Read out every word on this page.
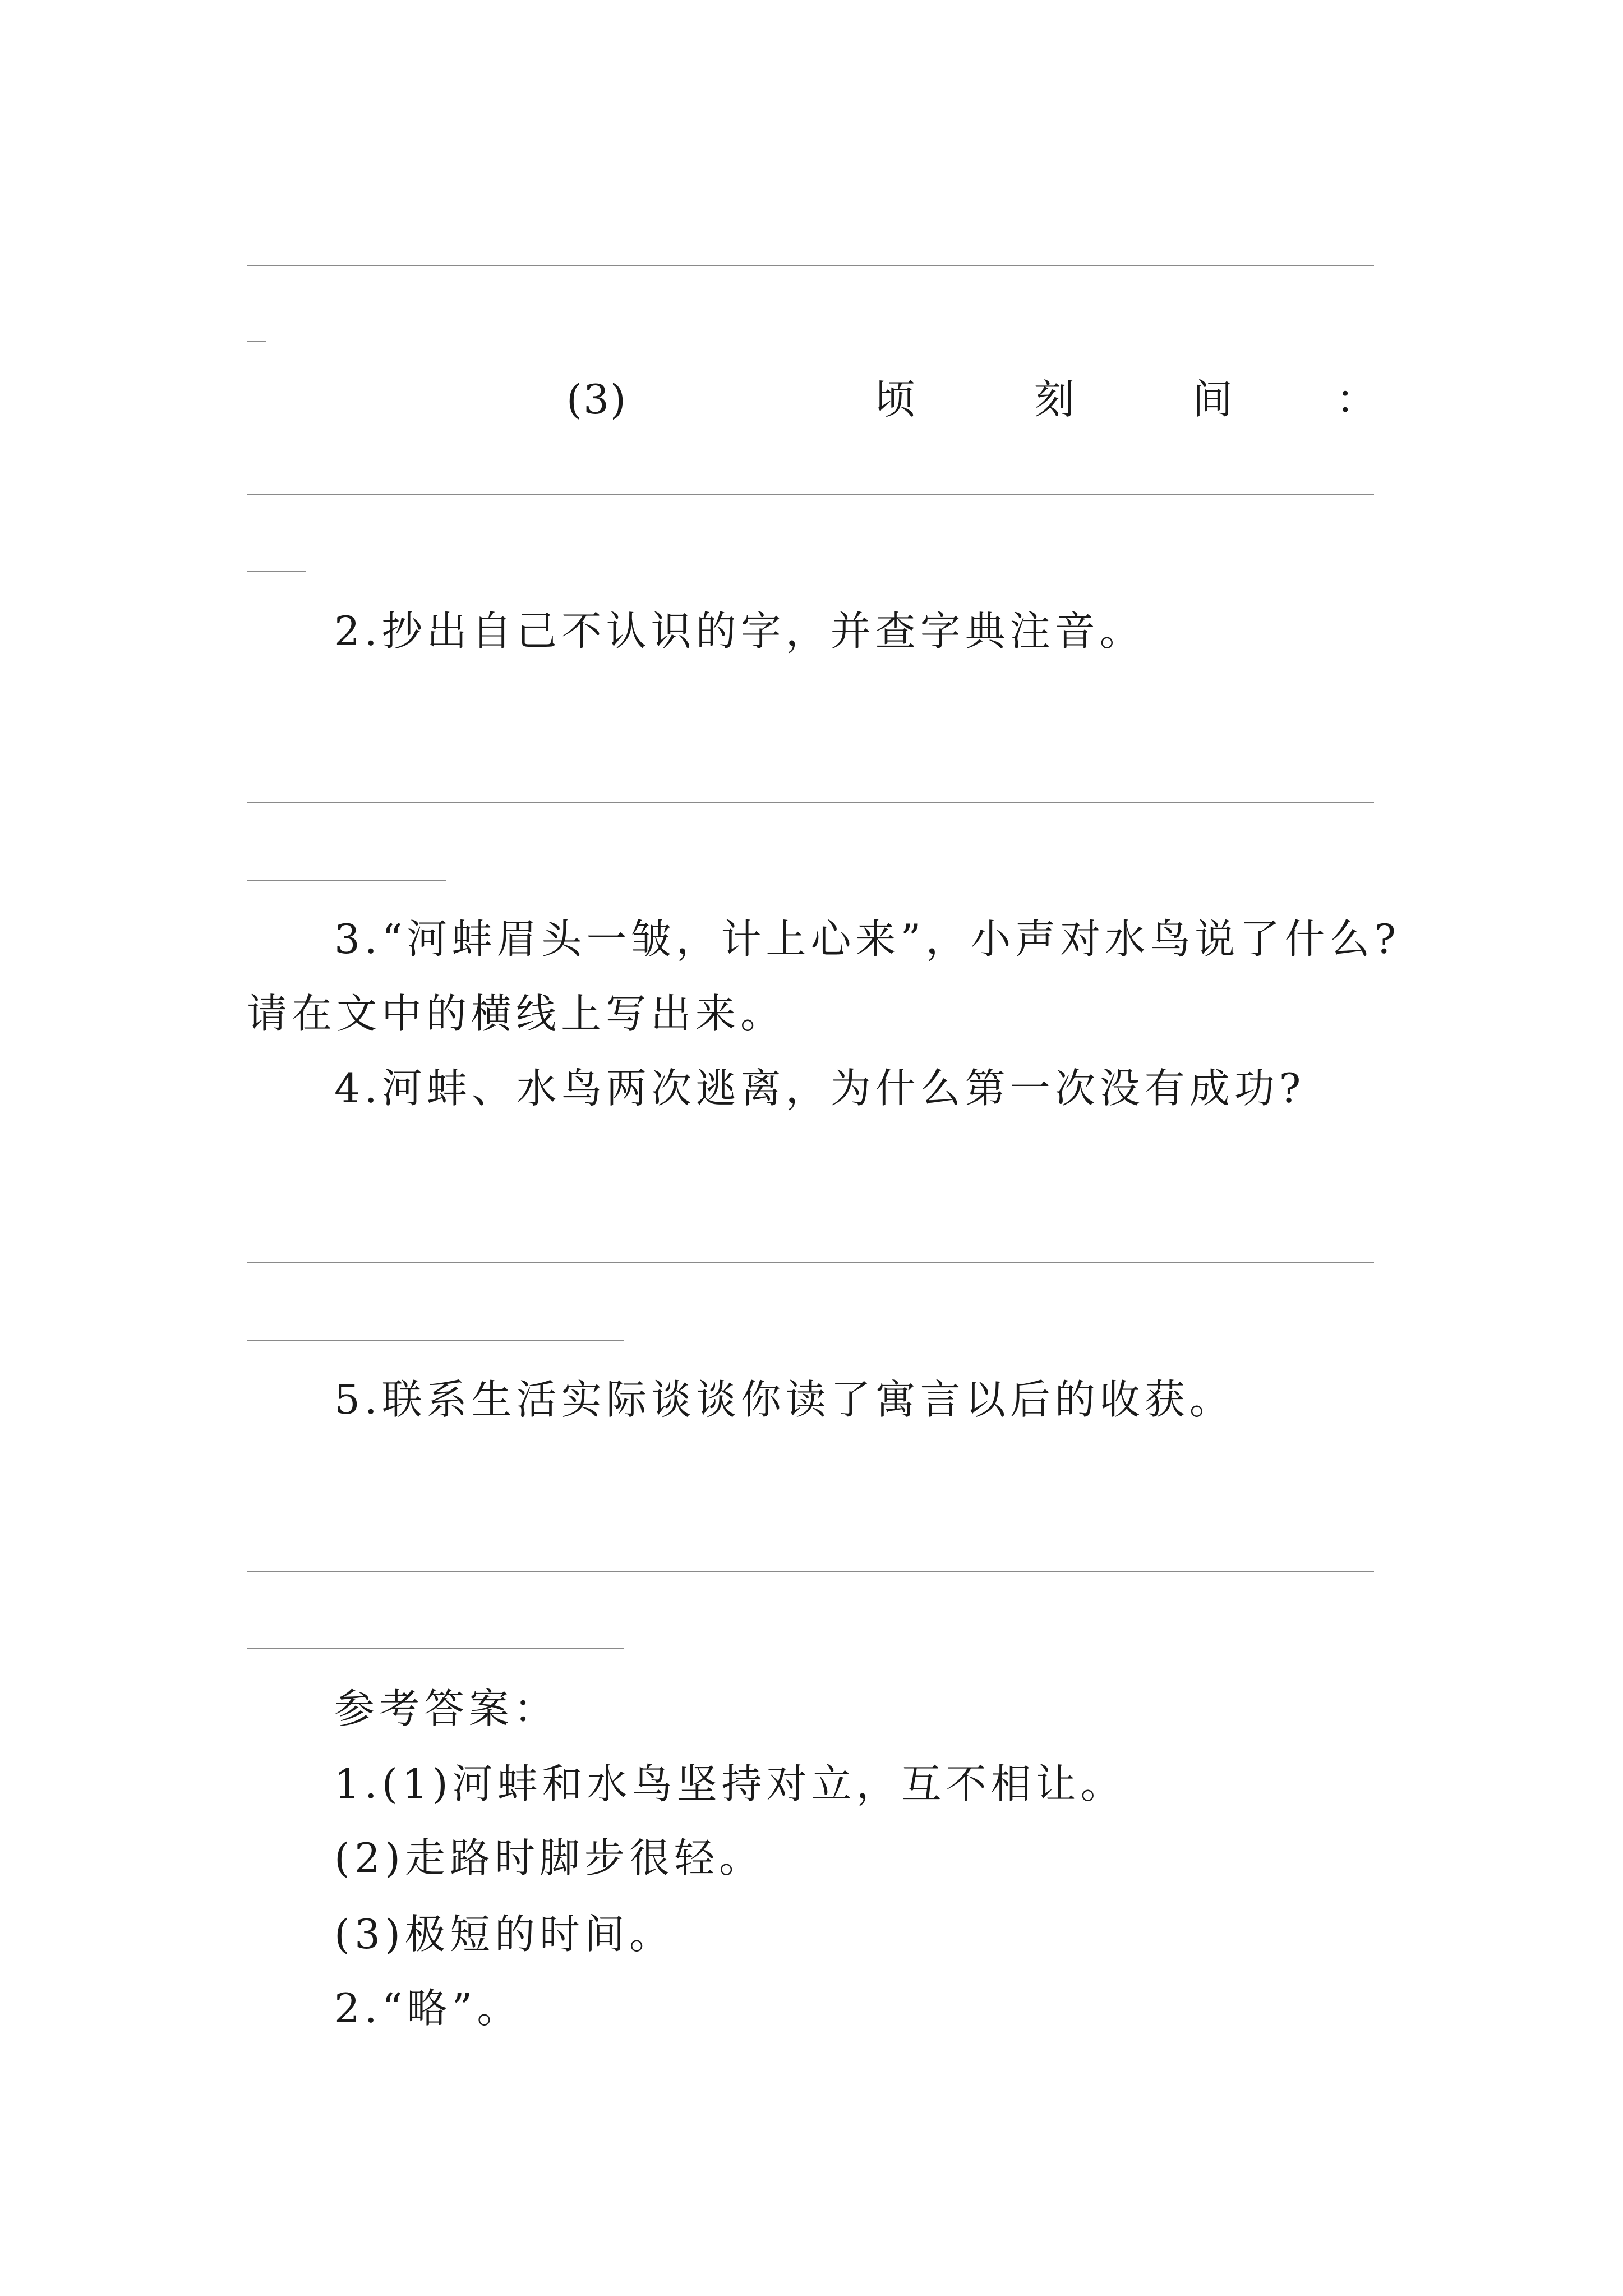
(3)	顷	刻	间	：
2.抄出自己不认识的字，并查字典注音。
3.“河蚌眉头一皱，计上心来”，小声对水鸟说了什么?
请在文中的横线上写出来。
4.河蚌、水鸟两次逃离，为什么第一次没有成功?
5.联系生活实际谈谈你读了寓言以后的收获。
参考答案：
1.(1)河蚌和水鸟坚持对立，互不相让。
(2)走路时脚步很轻。
(3)极短的时间。
2.“略”。
